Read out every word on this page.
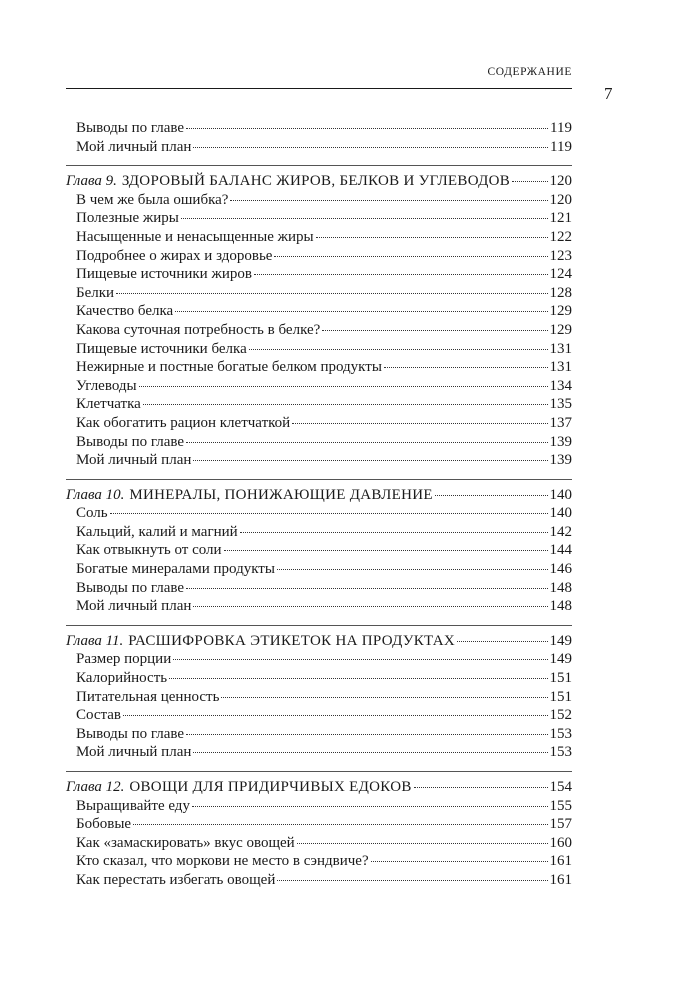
СОДЕРЖАНИЕ
7
Выводы по главе	119
Мой личный план	119
Глава 9. ЗДОРОВЫЙ БАЛАНС ЖИРОВ, БЕЛКОВ И УГЛЕВОДОВ	120
В чем же была ошибка?	120
Полезные жиры	121
Насыщенные и ненасыщенные жиры	122
Подробнее о жирах и здоровье	123
Пищевые источники жиров	124
Белки	128
Качество белка	129
Какова суточная потребность в белке?	129
Пищевые источники белка	131
Нежирные и постные богатые белком продукты	131
Углеводы	134
Клетчатка	135
Как обогатить рацион клетчаткой	137
Выводы по главе	139
Мой личный план	139
Глава 10. МИНЕРАЛЫ, ПОНИЖАЮЩИЕ ДАВЛЕНИЕ	140
Соль	140
Кальций, калий и магний	142
Как отвыкнуть от соли	144
Богатые минералами продукты	146
Выводы по главе	148
Мой личный план	148
Глава 11. РАСШИФРОВКА ЭТИКЕТОК НА ПРОДУКТАХ	149
Размер порции	149
Калорийность	151
Питательная ценность	151
Состав	152
Выводы по главе	153
Мой личный план	153
Глава 12. ОВОЩИ ДЛЯ ПРИДИРЧИВЫХ ЕДОКОВ	154
Выращивайте еду	155
Бобовые	157
Как «замаскировать» вкус овощей	160
Кто сказал, что моркови не место в сэндвиче?	161
Как перестать избегать овощей	161
